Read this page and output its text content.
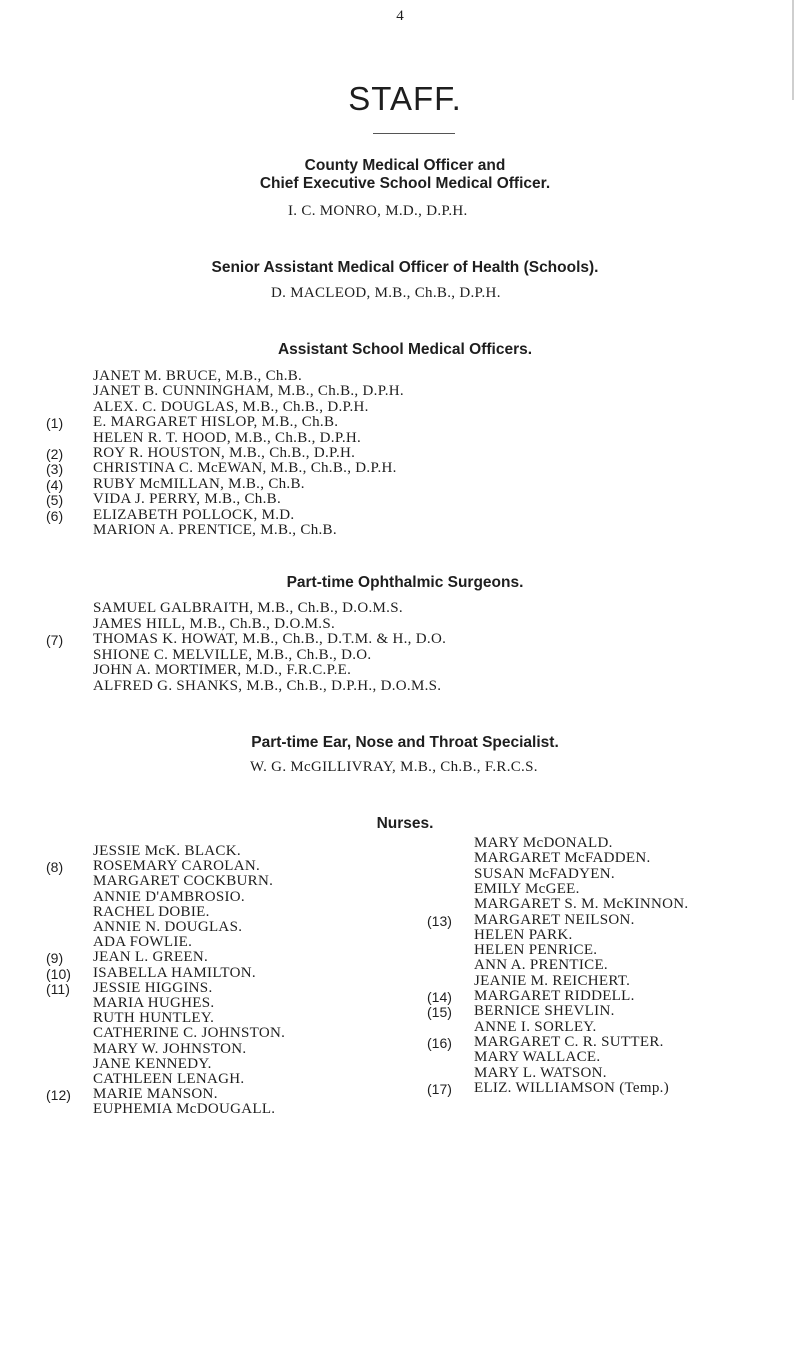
4
STAFF.
County Medical Officer and
Chief Executive School Medical Officer.
I. C. MONRO, M.D., D.P.H.
Senior Assistant Medical Officer of Health (Schools).
D. MACLEOD, M.B., Ch.B., D.P.H.
Assistant School Medical Officers.
JANET M. BRUCE, M.B., Ch.B.
JANET B. CUNNINGHAM, M.B., Ch.B., D.P.H.
ALEX. C. DOUGLAS, M.B., Ch.B., D.P.H.
(1) E. MARGARET HISLOP, M.B., Ch.B.
HELEN R. T. HOOD, M.B., Ch.B., D.P.H.
(2) ROY R. HOUSTON, M.B., Ch.B., D.P.H.
(3) CHRISTINA C. McEWAN, M.B., Ch.B., D.P.H.
(4) RUBY McMILLAN, M.B., Ch.B.
(5) VIDA J. PERRY, M.B., Ch.B.
(6) ELIZABETH POLLOCK, M.D.
MARION A. PRENTICE, M.B., Ch.B.
Part-time Ophthalmic Surgeons.
SAMUEL GALBRAITH, M.B., Ch.B., D.O.M.S.
JAMES HILL, M.B., Ch.B., D.O.M.S.
(7) THOMAS K. HOWAT, M.B., Ch.B., D.T.M. & H., D.O.
SHIONE C. MELVILLE, M.B., Ch.B., D.O.
JOHN A. MORTIMER, M.D., F.R.C.P.E.
ALFRED G. SHANKS, M.B., Ch.B., D.P.H., D.O.M.S.
Part-time Ear, Nose and Throat Specialist.
W. G. McGILLIVRAY, M.B., Ch.B., F.R.C.S.
Nurses.
JESSIE McK. BLACK.
(8) ROSEMARY CAROLAN.
MARGARET COCKBURN.
ANNIE D'AMBROSIO.
RACHEL DOBIE.
ANNIE N. DOUGLAS.
ADA FOWLIE.
(9) JEAN L. GREEN.
(10) ISABELLA HAMILTON.
(11) JESSIE HIGGINS.
MARIA HUGHES.
RUTH HUNTLEY.
CATHERINE C. JOHNSTON.
MARY W. JOHNSTON.
JANE KENNEDY.
CATHLEEN LENAGH.
(12) MARIE MANSON.
EUPHEMIA McDOUGALL.
MARY McDONALD.
MARGARET McFADDEN.
SUSAN McFADYEN.
EMILY McGEE.
MARGARET S. M. McKINNON.
(13) MARGARET NEILSON.
HELEN PARK.
HELEN PENRICE.
ANN A. PRENTICE.
JEANIE M. REICHERT.
(14) MARGARET RIDDELL.
(15) BERNICE SHEVLIN.
ANNE I. SORLEY.
(16) MARGARET C. R. SUTTER.
MARY WALLACE.
MARY L. WATSON.
(17) ELIZ. WILLIAMSON (Temp.)
